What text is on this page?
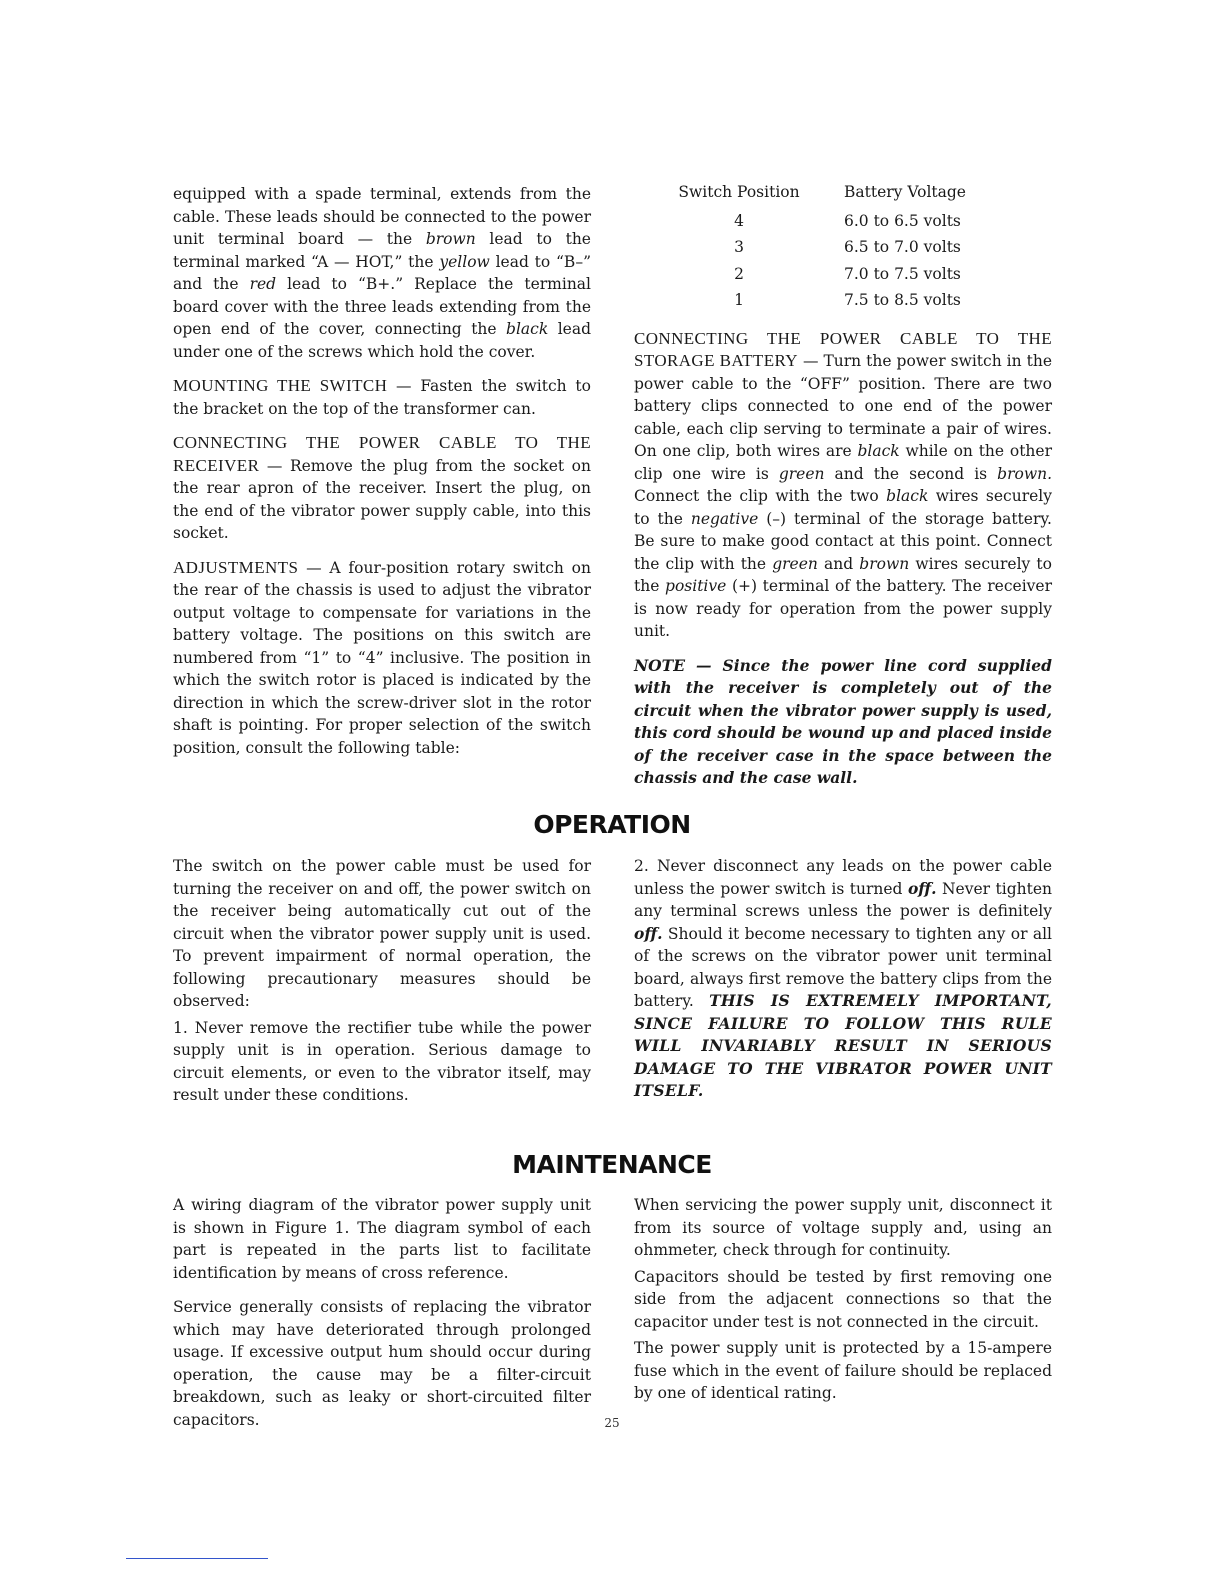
equipped with a spade terminal, extends from the cable. These leads should be connected to the power unit terminal board — the brown lead to the terminal marked “A — HOT,” the yellow lead to “B–” and the red lead to “B+.” Replace the terminal board cover with the three leads extending from the open end of the cover, connecting the black lead under one of the screws which hold the cover.

MOUNTING THE SWITCH — Fasten the switch to the bracket on the top of the transformer can.

CONNECTING THE POWER CABLE TO THE RECEIVER — Remove the plug from the socket on the rear apron of the receiver. Insert the plug, on the end of the vibrator power supply cable, into this socket.

ADJUSTMENTS — A four-position rotary switch on the rear of the chassis is used to adjust the vibrator output voltage to compensate for variations in the battery voltage. The positions on this switch are numbered from “1” to “4” inclusive. The position in which the switch rotor is placed is indicated by the direction in which the screw-driver slot in the rotor shaft is pointing. For proper selection of the switch position, consult the following table:

Switch Position	Battery Voltage
4	6.0 to 6.5 volts
3	6.5 to 7.0 volts
2	7.0 to 7.5 volts
1	7.5 to 8.5 volts

CONNECTING THE POWER CABLE TO THE STORAGE BATTERY — Turn the power switch in the power cable to the “OFF” position. There are two battery clips connected to one end of the power cable, each clip serving to terminate a pair of wires. On one clip, both wires are black while on the other clip one wire is green and the second is brown. Connect the clip with the two black wires securely to the negative (–) terminal of the storage battery. Be sure to make good contact at this point. Connect the clip with the green and brown wires securely to the positive (+) terminal of the battery. The receiver is now ready for operation from the power supply unit.

NOTE — Since the power line cord supplied with the receiver is completely out of the circuit when the vibrator power supply is used, this cord should be wound up and placed inside of the receiver case in the space between the chassis and the case wall.

OPERATION

The switch on the power cable must be used for turning the receiver on and off, the power switch on the receiver being automatically cut out of the circuit when the vibrator power supply unit is used. To prevent impairment of normal operation, the following precautionary measures should be observed:

1. Never remove the rectifier tube while the power supply unit is in operation. Serious damage to circuit elements, or even to the vibrator itself, may result under these conditions.

2. Never disconnect any leads on the power cable unless the power switch is turned off. Never tighten any terminal screws unless the power is definitely off. Should it become necessary to tighten any or all of the screws on the vibrator power unit terminal board, always first remove the battery clips from the battery. THIS IS EXTREMELY IMPORTANT, SINCE FAILURE TO FOLLOW THIS RULE WILL INVARIABLY RESULT IN SERIOUS DAMAGE TO THE VIBRATOR POWER UNIT ITSELF.

MAINTENANCE

A wiring diagram of the vibrator power supply unit is shown in Figure 1. The diagram symbol of each part is repeated in the parts list to facilitate identification by means of cross reference.

Service generally consists of replacing the vibrator which may have deteriorated through prolonged usage. If excessive output hum should occur during operation, the cause may be a filter-circuit breakdown, such as leaky or short-circuited filter capacitors.

When servicing the power supply unit, disconnect it from its source of voltage supply and, using an ohmmeter, check through for continuity.

Capacitors should be tested by first removing one side from the adjacent connections so that the capacitor under test is not connected in the circuit.

The power supply unit is protected by a 15-ampere fuse which in the event of failure should be replaced by one of identical rating.

25
